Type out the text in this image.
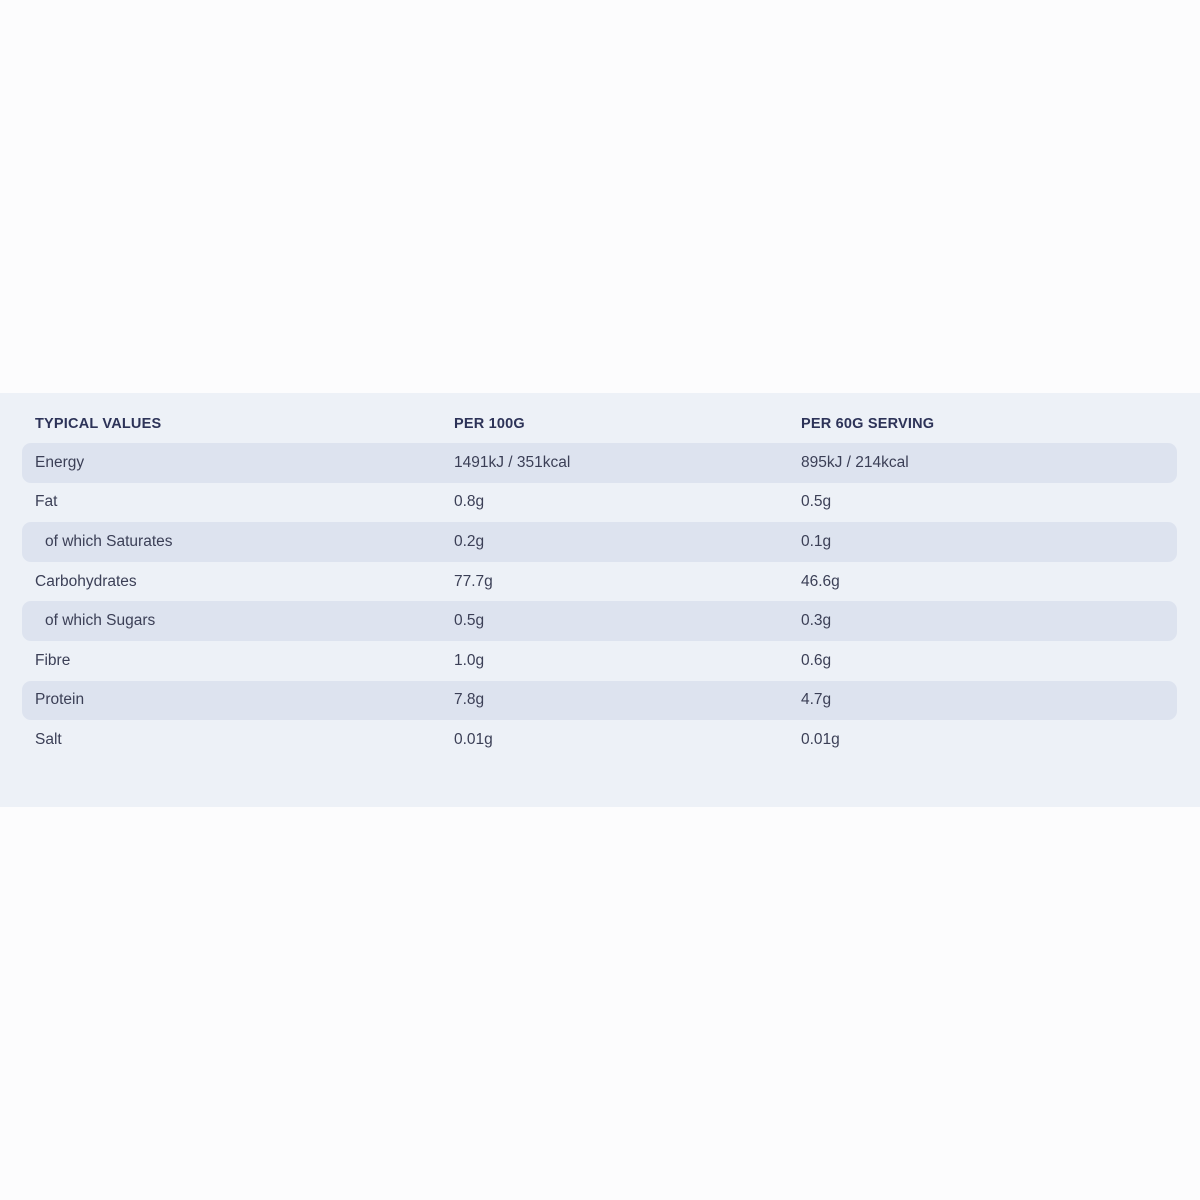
TYPICAL VALUES	PER 100G	PER 60G SERVING
Energy	1491kJ / 351kcal	895kJ / 214kcal
Fat	0.8g	0.5g
of which Saturates	0.2g	0.1g
Carbohydrates	77.7g	46.6g
of which Sugars	0.5g	0.3g
Fibre	1.0g	0.6g
Protein	7.8g	4.7g
Salt	0.01g	0.01g
